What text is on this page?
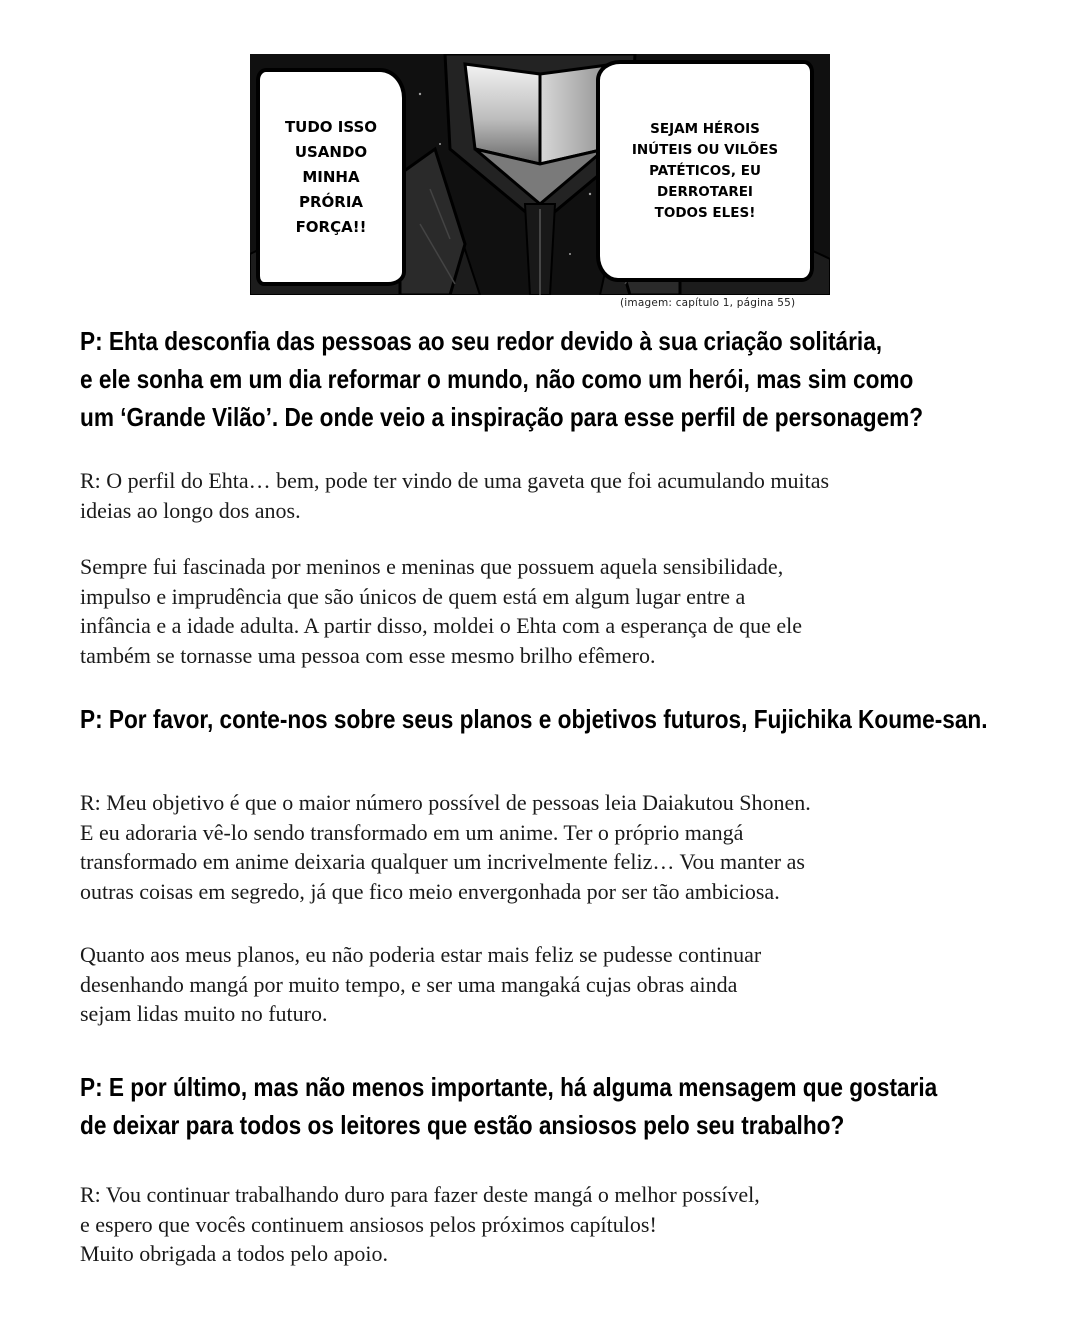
TUDO ISSO
USANDO
MINHA
PRÓRIA
FORÇA!!
SEJAM HÉROIS
INÚTEIS OU VILÕES
PATÉTICOS, EU
DERROTAREI
TODOS ELES!
(imagem: capítulo 1, página 55)
P: Ehta desconfia das pessoas ao seu redor devido à sua criação solitária,
e ele sonha em um dia reformar o mundo, não como um herói, mas sim como
um ‘Grande Vilão’. De onde veio a inspiração para esse perfil de personagem?
R: O perfil do Ehta… bem, pode ter vindo de uma gaveta que foi acumulando muitas
ideias ao longo dos anos.
Sempre fui fascinada por meninos e meninas que possuem aquela sensibilidade,
impulso e imprudência que são únicos de quem está em algum lugar entre a
infância e a idade adulta. A partir disso, moldei o Ehta com a esperança de que ele
também se tornasse uma pessoa com esse mesmo brilho efêmero.
P: Por favor, conte-nos sobre seus planos e objetivos futuros, Fujichika Koume-san.
R: Meu objetivo é que o maior número possível de pessoas leia Daiakutou Shonen.
E eu adoraria vê-lo sendo transformado em um anime. Ter o próprio mangá
transformado em anime deixaria qualquer um incrivelmente feliz… Vou manter as
outras coisas em segredo, já que fico meio envergonhada por ser tão ambiciosa.
Quanto aos meus planos, eu não poderia estar mais feliz se pudesse continuar
desenhando mangá por muito tempo, e ser uma mangaká cujas obras ainda
sejam lidas muito no futuro.
P: E por último, mas não menos importante, há alguma mensagem que gostaria
de deixar para todos os leitores que estão ansiosos pelo seu trabalho?
R: Vou continuar trabalhando duro para fazer deste mangá o melhor possível,
e espero que vocês continuem ansiosos pelos próximos capítulos!
Muito obrigada a todos pelo apoio.
